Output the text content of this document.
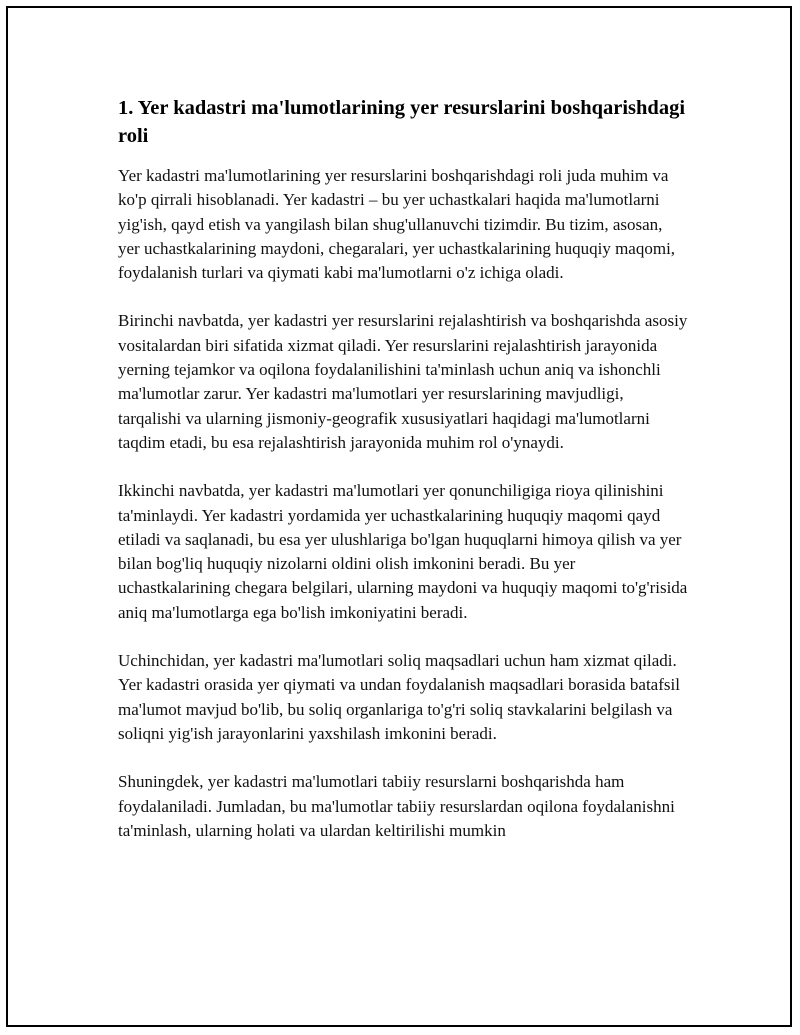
1. Yer kadastri ma'lumotlarining yer resurslarini boshqarishdagi roli

Yer kadastri ma'lumotlarining yer resurslarini boshqarishdagi roli juda muhim va ko'p qirrali hisoblanadi. Yer kadastri – bu yer uchastkalari haqida ma'lumotlarni yig'ish, qayd etish va yangilash bilan shug'ullanuvchi tizimdir. Bu tizim, asosan, yer uchastkalarining maydoni, chegaralari, yer uchastkalarining huquqiy maqomi, foydalanish turlari va qiymati kabi ma'lumotlarni o'z ichiga oladi.

Birinchi navbatda, yer kadastri yer resurslarini rejalashtirish va boshqarishda asosiy vositalardan biri sifatida xizmat qiladi. Yer resurslarini rejalashtirish jarayonida yerning tejamkor va oqilona foydalanilishini ta'minlash uchun aniq va ishonchli ma'lumotlar zarur. Yer kadastri ma'lumotlari yer resurslarining mavjudligi, tarqalishi va ularning jismoniy-geografik xususiyatlari haqidagi ma'lumotlarni taqdim etadi, bu esa rejalashtirish jarayonida muhim rol o'ynaydi.

Ikkinchi navbatda, yer kadastri ma'lumotlari yer qonunchiligiga rioya qilinishini ta'minlaydi. Yer kadastri yordamida yer uchastkalarining huquqiy maqomi qayd etiladi va saqlanadi, bu esa yer ulushlariga bo'lgan huquqlarni himoya qilish va yer bilan bog'liq huquqiy nizolarni oldini olish imkonini beradi. Bu yer uchastkalarining chegara belgilari, ularning maydoni va huquqiy maqomi to'g'risida aniq ma'lumotlarga ega bo'lish imkoniyatini beradi.

Uchinchidan, yer kadastri ma'lumotlari soliq maqsadlari uchun ham xizmat qiladi. Yer kadastri orasida yer qiymati va undan foydalanish maqsadlari borasida batafsil ma'lumot mavjud bo'lib, bu soliq organlariga to'g'ri soliq stavkalarini belgilash va soliqni yig'ish jarayonlarini yaxshilash imkonini beradi.

Shuningdek, yer kadastri ma'lumotlari tabiiy resurslarni boshqarishda ham foydalaniladi. Jumladan, bu ma'lumotlar tabiiy resurslardan oqilona foydalanishni ta'minlash, ularning holati va ulardan keltirilishi mumkin
